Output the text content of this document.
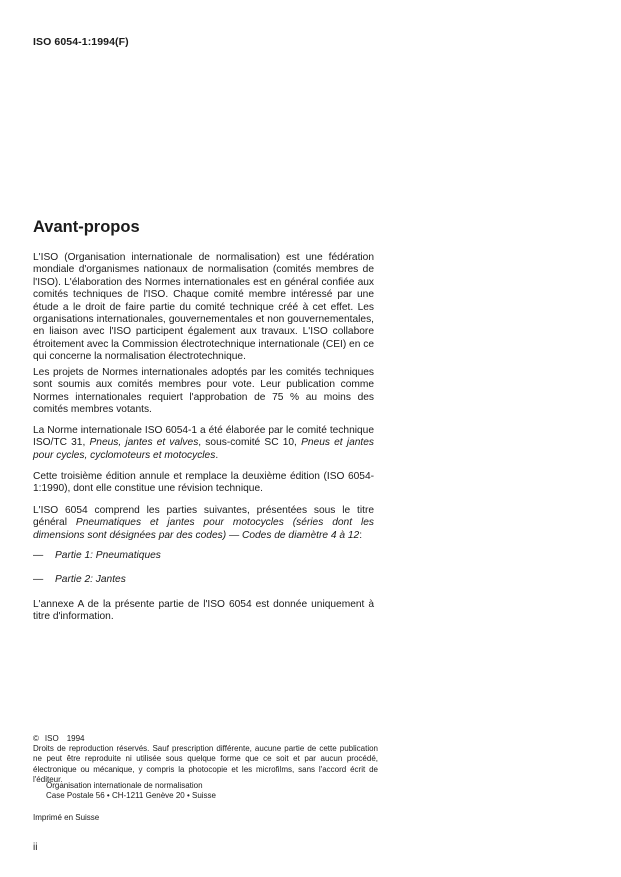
ISO 6054-1:1994(F)
Avant-propos

L'ISO (Organisation internationale de normalisation) est une fédération mondiale d'organismes nationaux de normalisation (comités membres de l'ISO). L'élaboration des Normes internationales est en général confiée aux comités techniques de l'ISO. Chaque comité membre intéressé par une étude a le droit de faire partie du comité technique créé à cet effet. Les organisations internationales, gouvernementales et non gouvernementales, en liaison avec l'ISO participent également aux travaux. L'ISO collabore étroitement avec la Commission électrotechnique internationale (CEI) en ce qui concerne la normalisation électrotechnique.

Les projets de Normes internationales adoptés par les comités techniques sont soumis aux comités membres pour vote. Leur publication comme Normes internationales requiert l'approbation de 75 % au moins des comités membres votants.

La Norme internationale ISO 6054-1 a été élaborée par le comité technique ISO/TC 31, Pneus, jantes et valves, sous-comité SC 10, Pneus et jantes pour cycles, cyclomoteurs et motocycles.

Cette troisième édition annule et remplace la deuxième édition (ISO 6054-1:1990), dont elle constitue une révision technique.

L'ISO 6054 comprend les parties suivantes, présentées sous le titre général Pneumatiques et jantes pour motocycles (séries dont les dimensions sont désignées par des codes) — Codes de diamètre 4 à 12:

— Partie 1: Pneumatiques

— Partie 2: Jantes

L'annexe A de la présente partie de l'ISO 6054 est donnée uniquement à titre d'information.

© ISO 1994
Droits de reproduction réservés. Sauf prescription différente, aucune partie de cette publication ne peut être reproduite ni utilisée sous quelque forme que ce soit et par aucun procédé, électronique ou mécanique, y compris la photocopie et les microfilms, sans l'accord écrit de l'éditeur.
Organisation internationale de normalisation
Case Postale 56 • CH-1211 Genève 20 • Suisse
Imprimé en Suisse
ii
